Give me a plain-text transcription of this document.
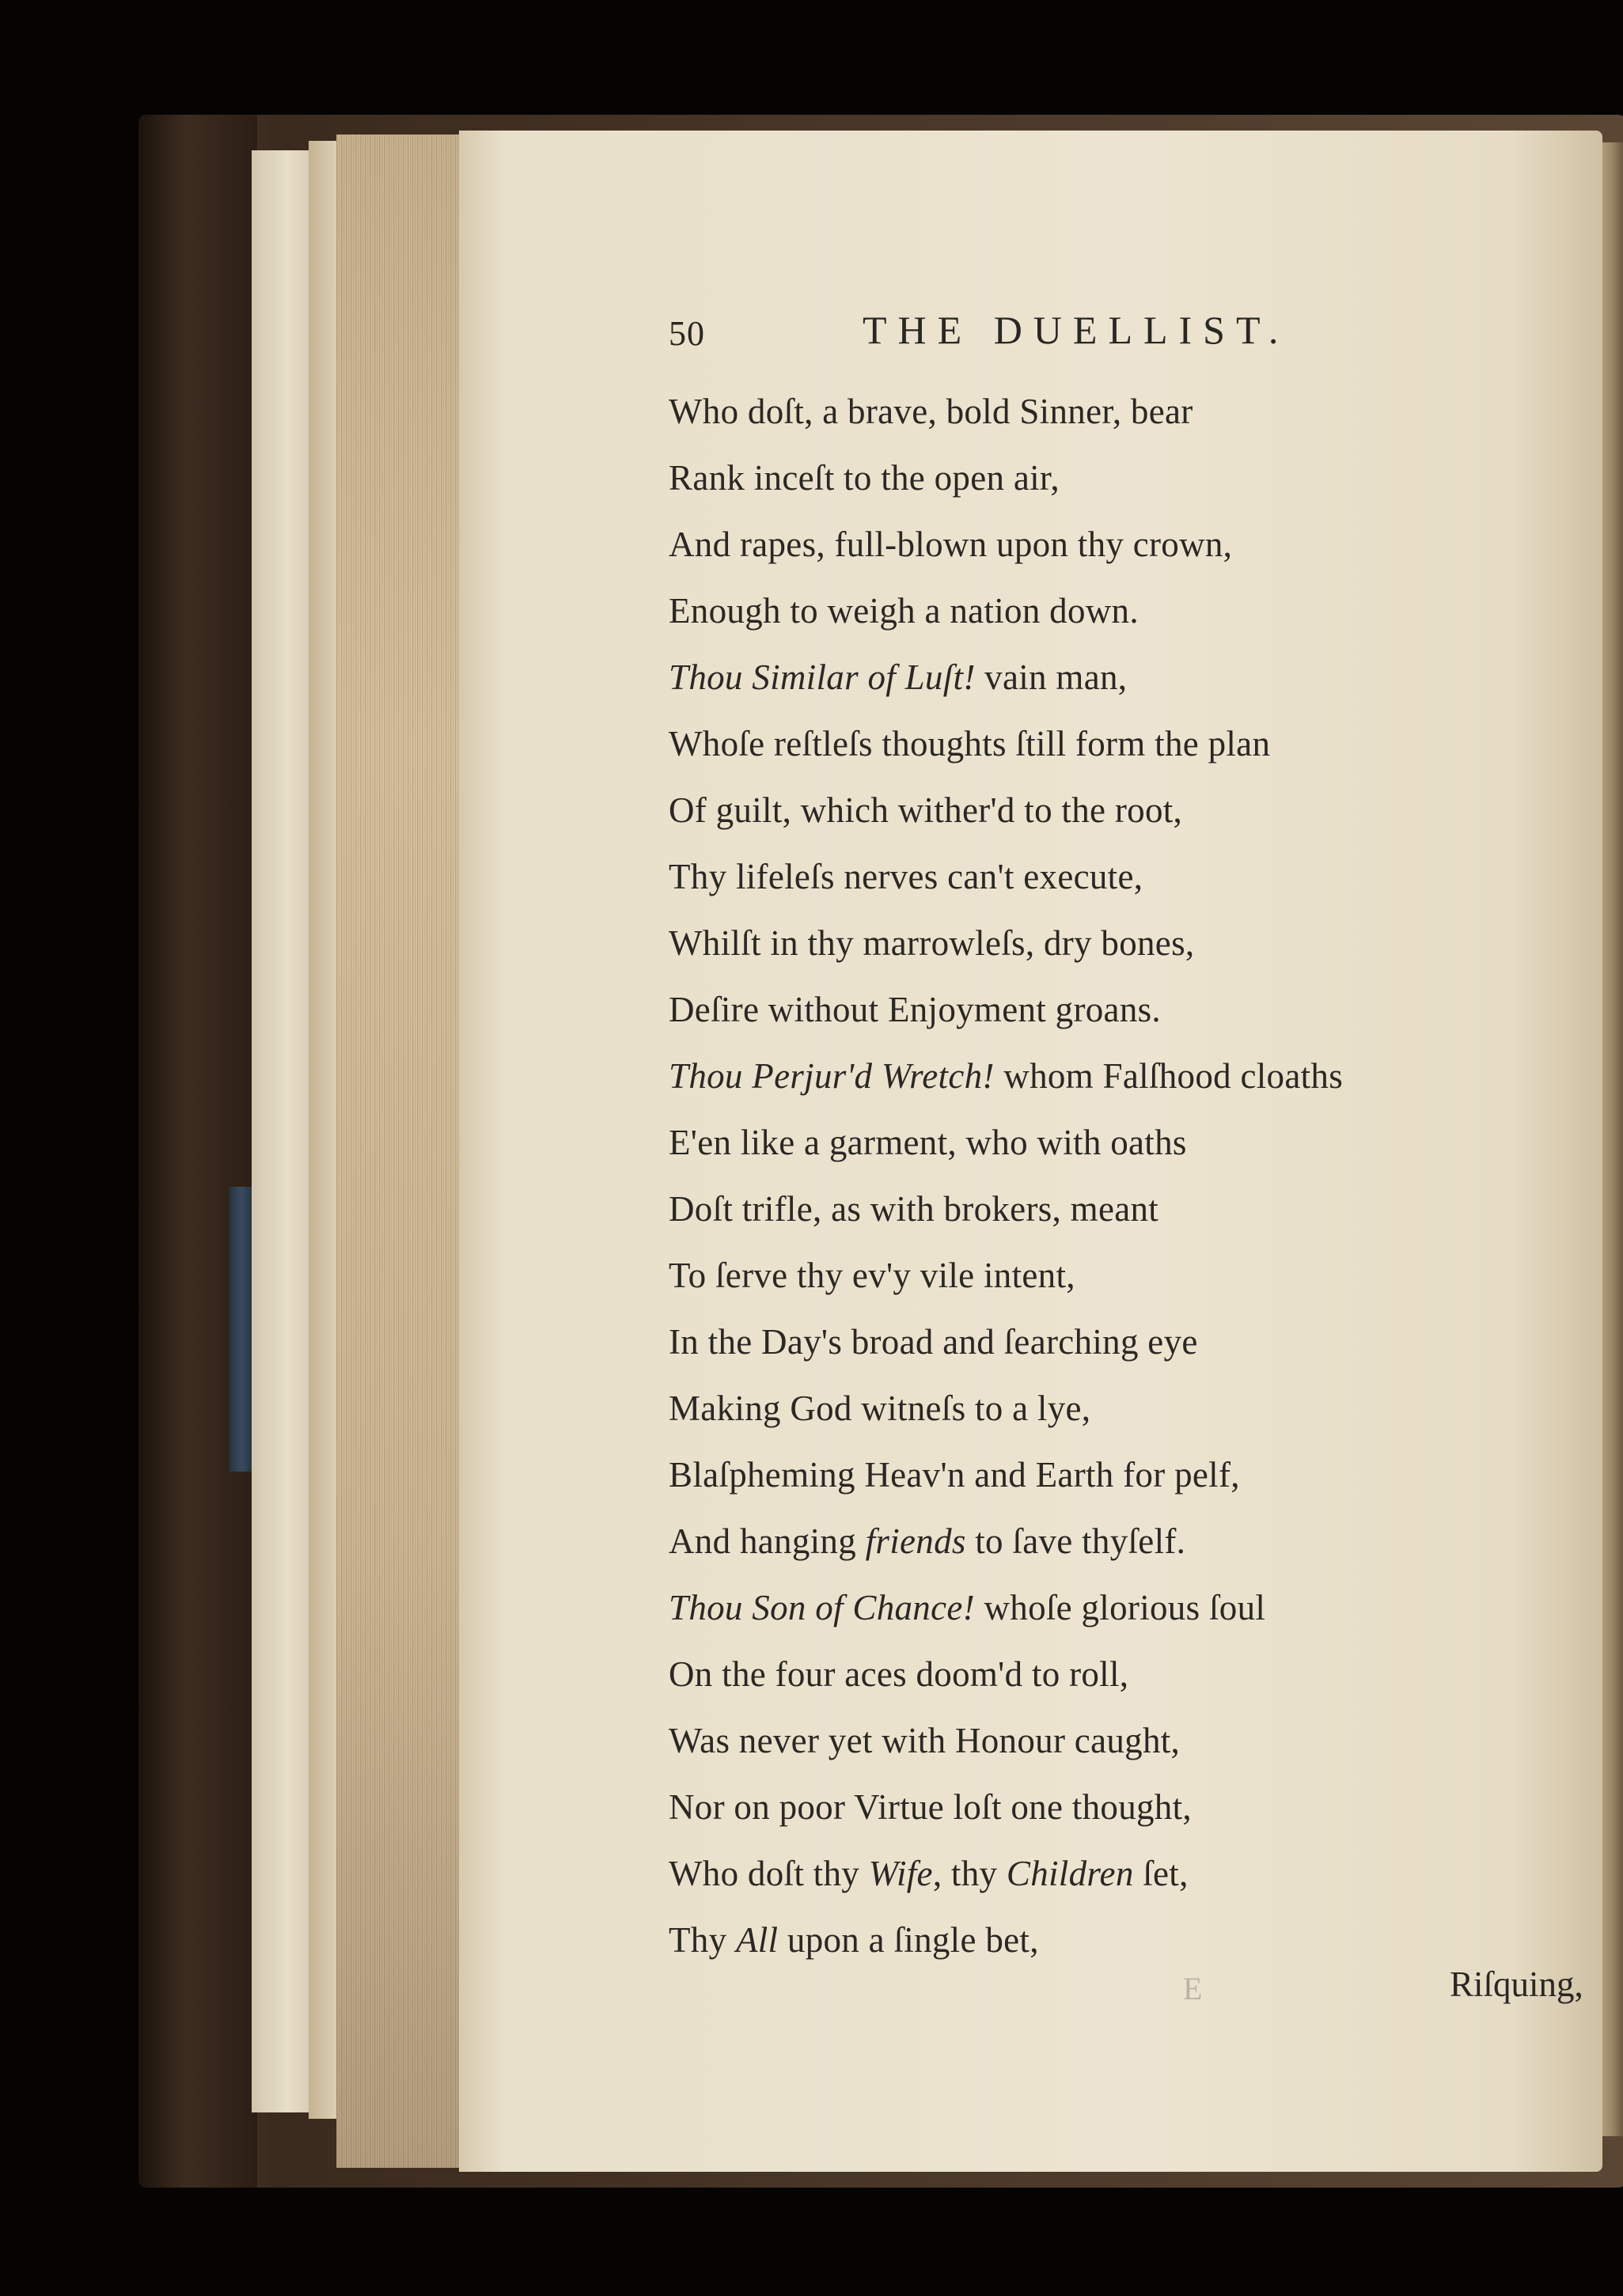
50	THE DUELLIST.
Who doſt, a brave, bold Sinner, bear
Rank inceſt to the open air,
And rapes, full-blown upon thy crown,
Enough to weigh a nation down.
Thou Similar of Luſt! vain man,
Whoſe reſtleſs thoughts ſtill form the plan
Of guilt, which wither'd to the root,
Thy lifeleſs nerves can't execute,
Whilſt in thy marrowleſs, dry bones,
Deſire without Enjoyment groans.
Thou Perjur'd Wretch! whom Falſhood cloaths
E'en like a garment, who with oaths
Doſt trifle, as with brokers, meant
To ſerve thy ev'y vile intent,
In the Day's broad and ſearching eye
Making God witneſs to a lye,
Blaſpheming Heav'n and Earth for pelf,
And hanging friends to ſave thyſelf.
Thou Son of Chance! whoſe glorious ſoul
On the four aces doom'd to roll,
Was never yet with Honour caught,
Nor on poor Virtue loſt one thought,
Who doſt thy Wife, thy Children ſet,
Thy All upon a ſingle bet,
E	Riſquing,
